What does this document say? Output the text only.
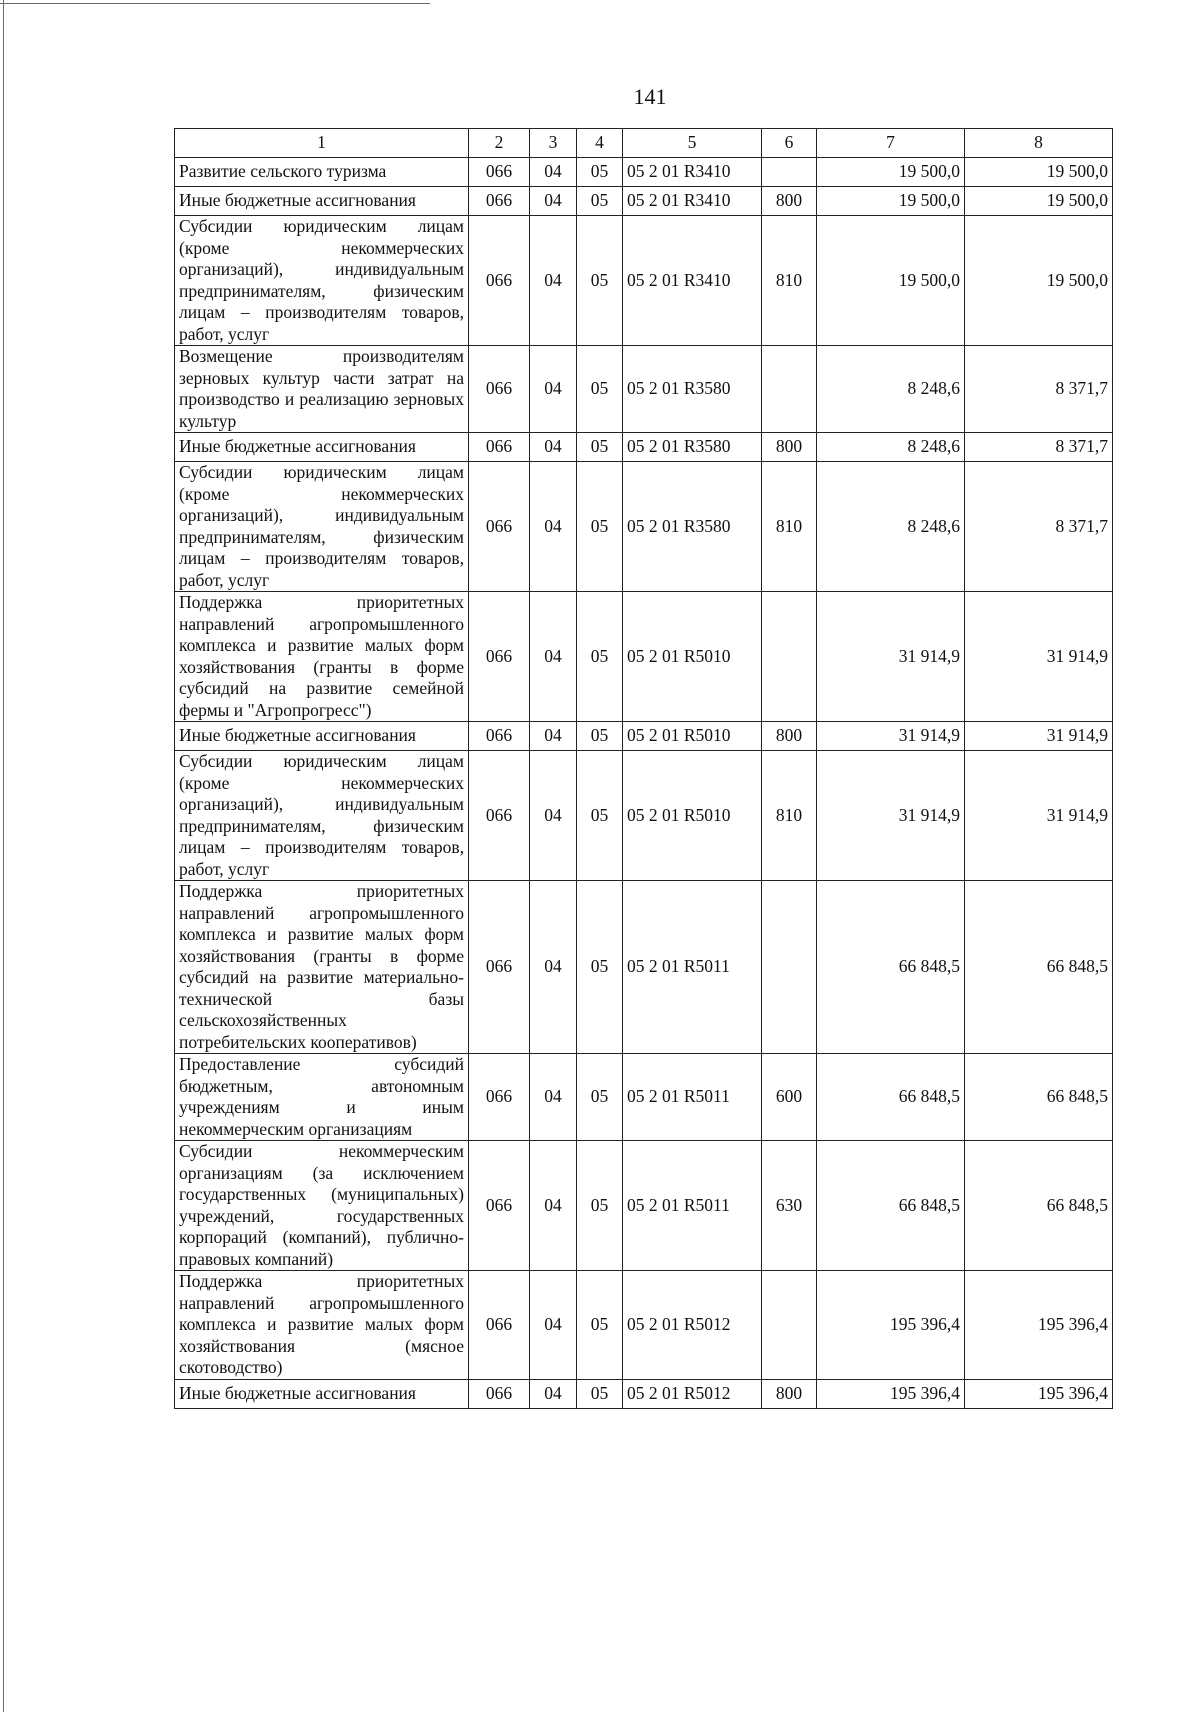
141
1	2	3	4	5	6	7	8
Развитие сельского туризма	066	04	05	05 2 01 R3410		19 500,0	19 500,0
Иные бюджетные ассигнования	066	04	05	05 2 01 R3410	800	19 500,0	19 500,0
Субсидии юридическим лицам (кроме некоммерческих организаций), индивидуальным предпринимателям, физическим лицам – производителям товаров, работ, услуг	066	04	05	05 2 01 R3410	810	19 500,0	19 500,0
Возмещение производителям зерновых культур части затрат на производство и реализацию зерновых культур	066	04	05	05 2 01 R3580		8 248,6	8 371,7
Иные бюджетные ассигнования	066	04	05	05 2 01 R3580	800	8 248,6	8 371,7
Субсидии юридическим лицам (кроме некоммерческих организаций), индивидуальным предпринимателям, физическим лицам – производителям товаров, работ, услуг	066	04	05	05 2 01 R3580	810	8 248,6	8 371,7
Поддержка приоритетных направлений агропромышленного комплекса и развитие малых форм хозяйствования (гранты в форме субсидий на развитие семейной фермы и "Агропрогресс")	066	04	05	05 2 01 R5010		31 914,9	31 914,9
Иные бюджетные ассигнования	066	04	05	05 2 01 R5010	800	31 914,9	31 914,9
Субсидии юридическим лицам (кроме некоммерческих организаций), индивидуальным предпринимателям, физическим лицам – производителям товаров, работ, услуг	066	04	05	05 2 01 R5010	810	31 914,9	31 914,9
Поддержка приоритетных направлений агропромышленного комплекса и развитие малых форм хозяйствования (гранты в форме субсидий на развитие материально-технической базы сельскохозяйственных потребительских кооперативов)	066	04	05	05 2 01 R5011		66 848,5	66 848,5
Предоставление субсидий бюджетным, автономным учреждениям и иным некоммерческим организациям	066	04	05	05 2 01 R5011	600	66 848,5	66 848,5
Субсидии некоммерческим организациям (за исключением государственных (муниципальных) учреждений, государственных корпораций (компаний), публично-правовых компаний)	066	04	05	05 2 01 R5011	630	66 848,5	66 848,5
Поддержка приоритетных направлений агропромышленного комплекса и развитие малых форм хозяйствования (мясное скотоводство)	066	04	05	05 2 01 R5012		195 396,4	195 396,4
Иные бюджетные ассигнования	066	04	05	05 2 01 R5012	800	195 396,4	195 396,4
